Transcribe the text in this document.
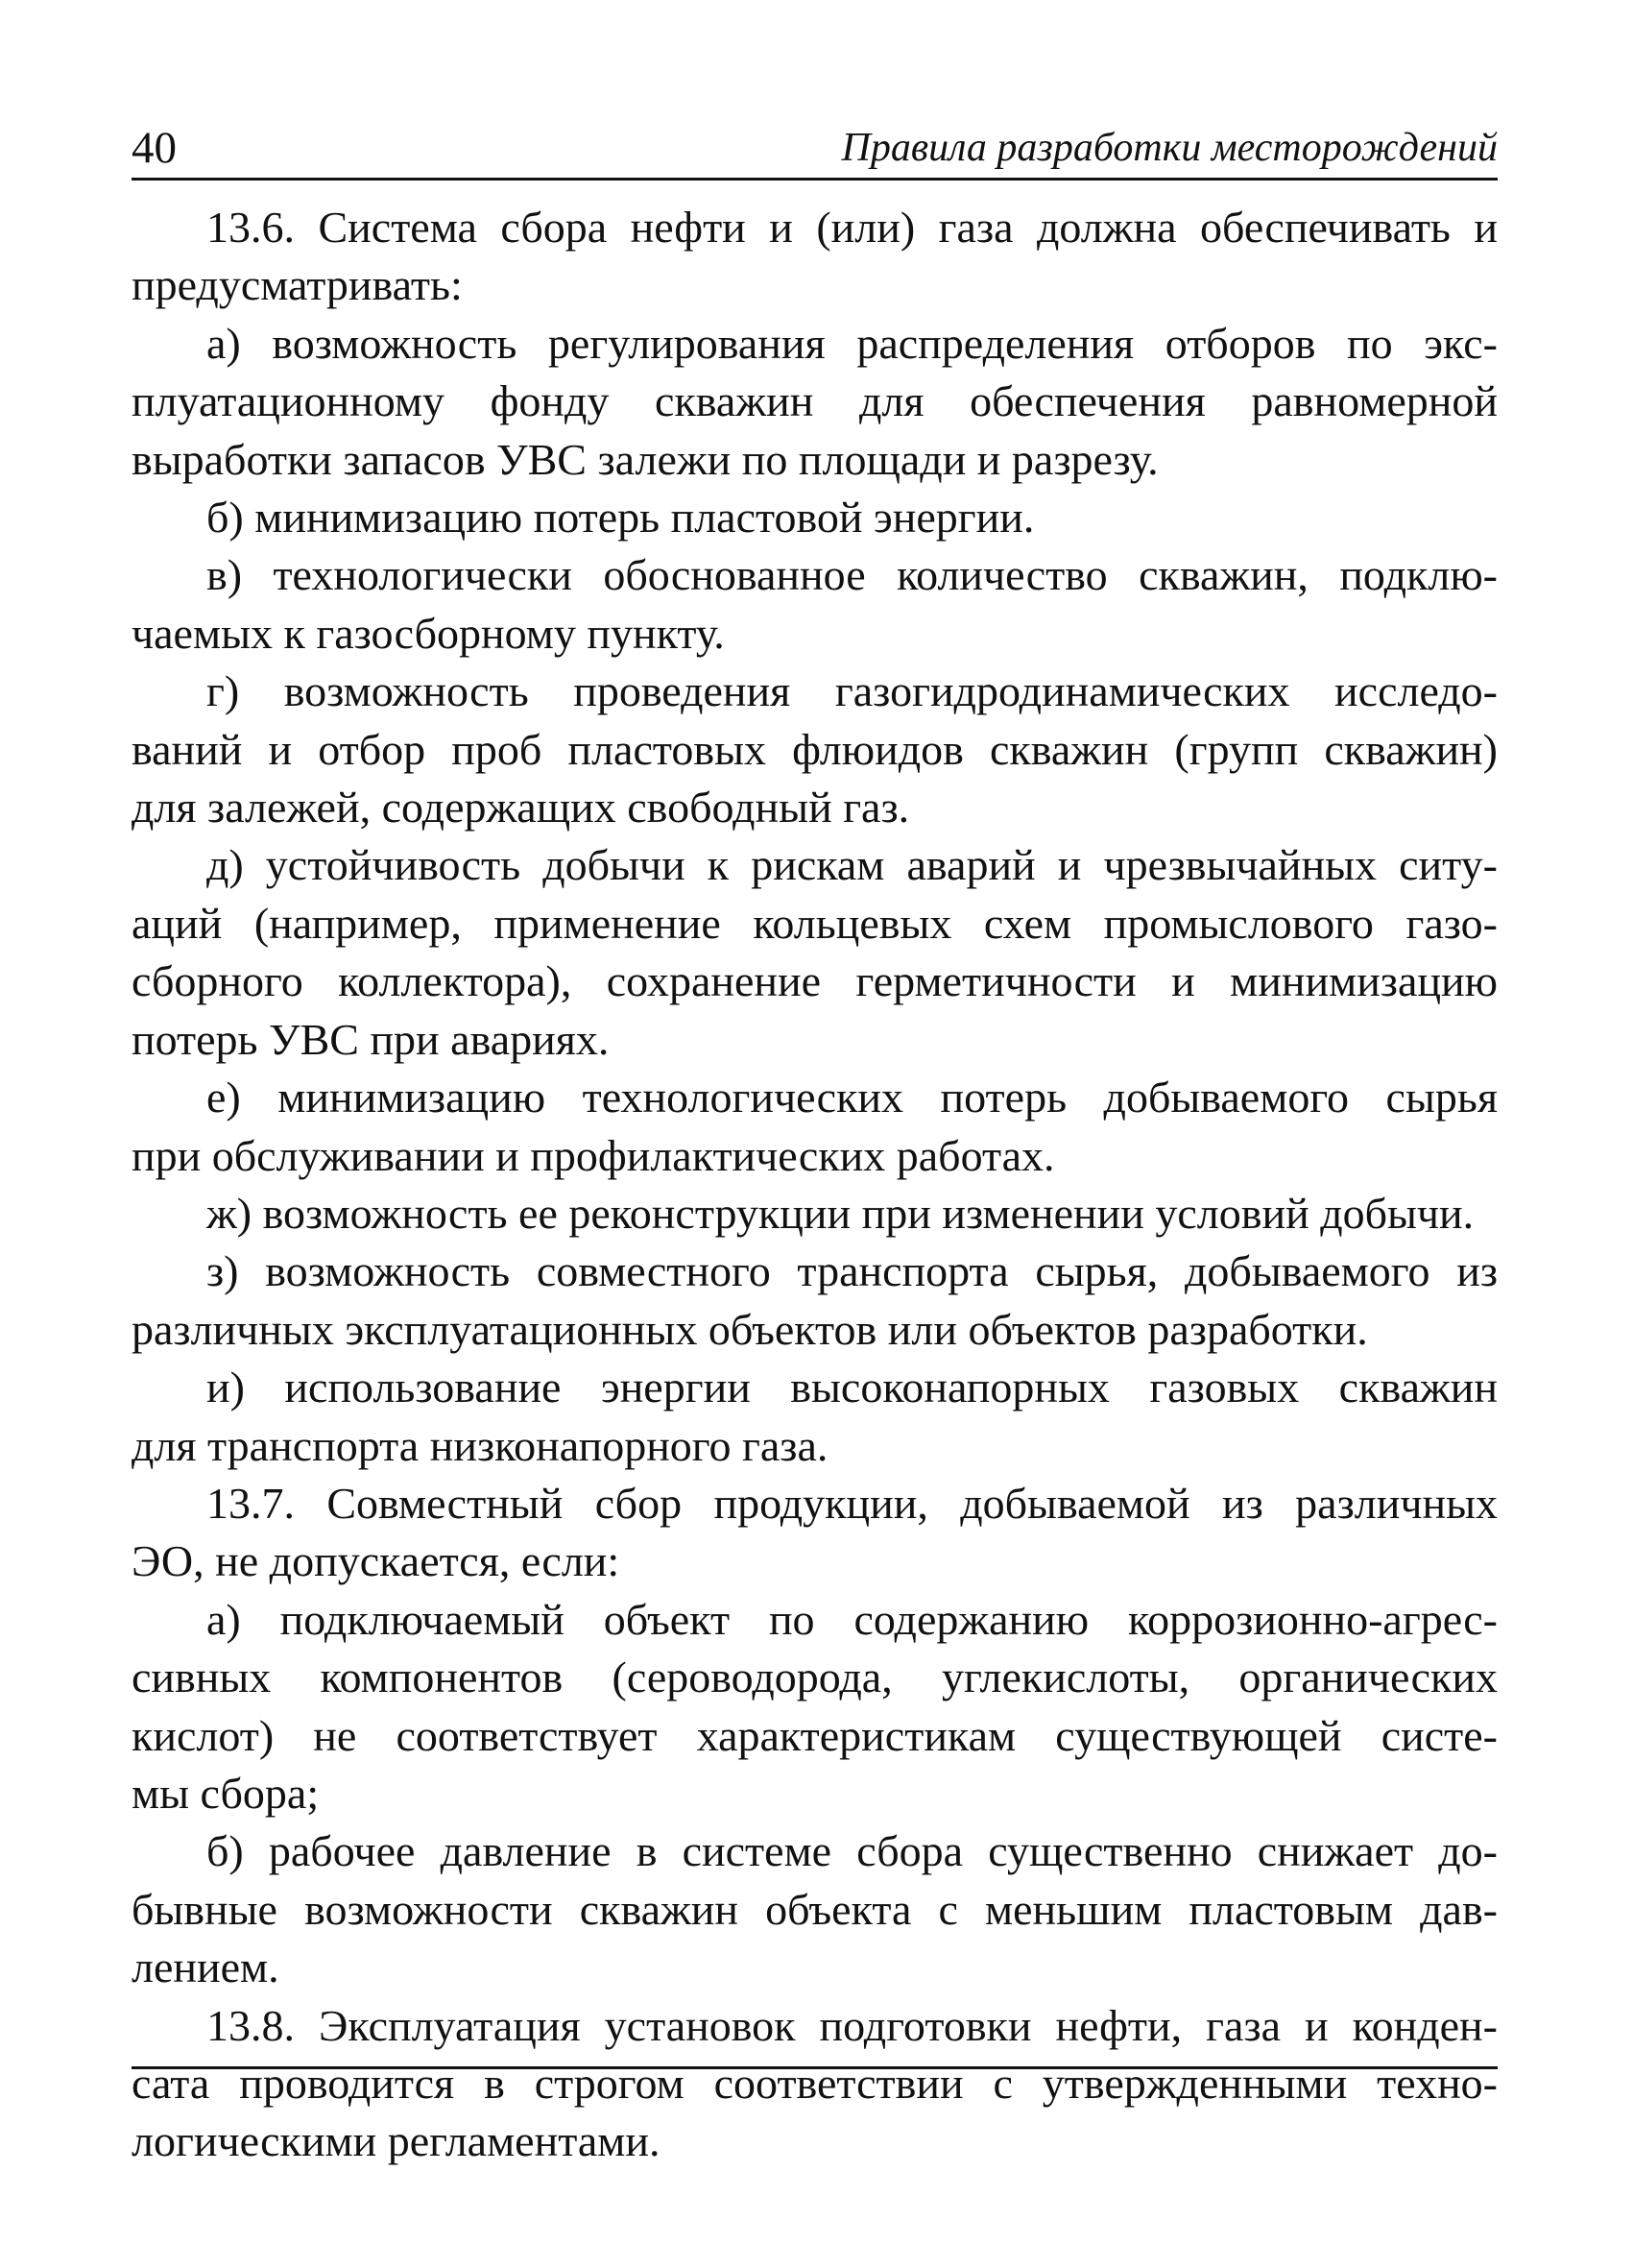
40	Правила разработки месторождений

13.6. Система сбора нефти и (или) газа должна обеспечивать и
предусматривать:

а) возможность регулирования распределения отборов по экс-
плуатационному фонду скважин для обеспечения равномерной
выработки запасов УВС залежи по площади и разрезу.

б) минимизацию потерь пластовой энергии.

в) технологически обоснованное количество скважин, подклю-
чаемых к газосборному пункту.

г) возможность проведения газогидродинамических исследо-
ваний и отбор проб пластовых флюидов скважин (групп скважин)
для залежей, содержащих свободный газ.

д) устойчивость добычи к рискам аварий и чрезвычайных ситу-
аций (например, применение кольцевых схем промыслового газо-
сборного коллектора), сохранение герметичности и минимизацию
потерь УВС при авариях.

е) минимизацию технологических потерь добываемого сырья
при обслуживании и профилактических работах.

ж) возможность ее реконструкции при изменении условий добычи.

з) возможность совместного транспорта сырья, добываемого из
различных эксплуатационных объектов или объектов разработки.

и) использование энергии высоконапорных газовых скважин
для транспорта низконапорного газа.

13.7. Совместный сбор продукции, добываемой из различных
ЭО, не допускается, если:

а) подключаемый объект по содержанию коррозионно-агрес-
сивных компонентов (сероводорода, углекислоты, органических
кислот) не соответствует характеристикам существующей систе-
мы сбора;

б) рабочее давление в системе сбора существенно снижает до-
бывные возможности скважин объекта с меньшим пластовым дав-
лением.

13.8. Эксплуатация установок подготовки нефти, газа и конден-
сата проводится в строгом соответствии с утвержденными техно-
логическими регламентами.
